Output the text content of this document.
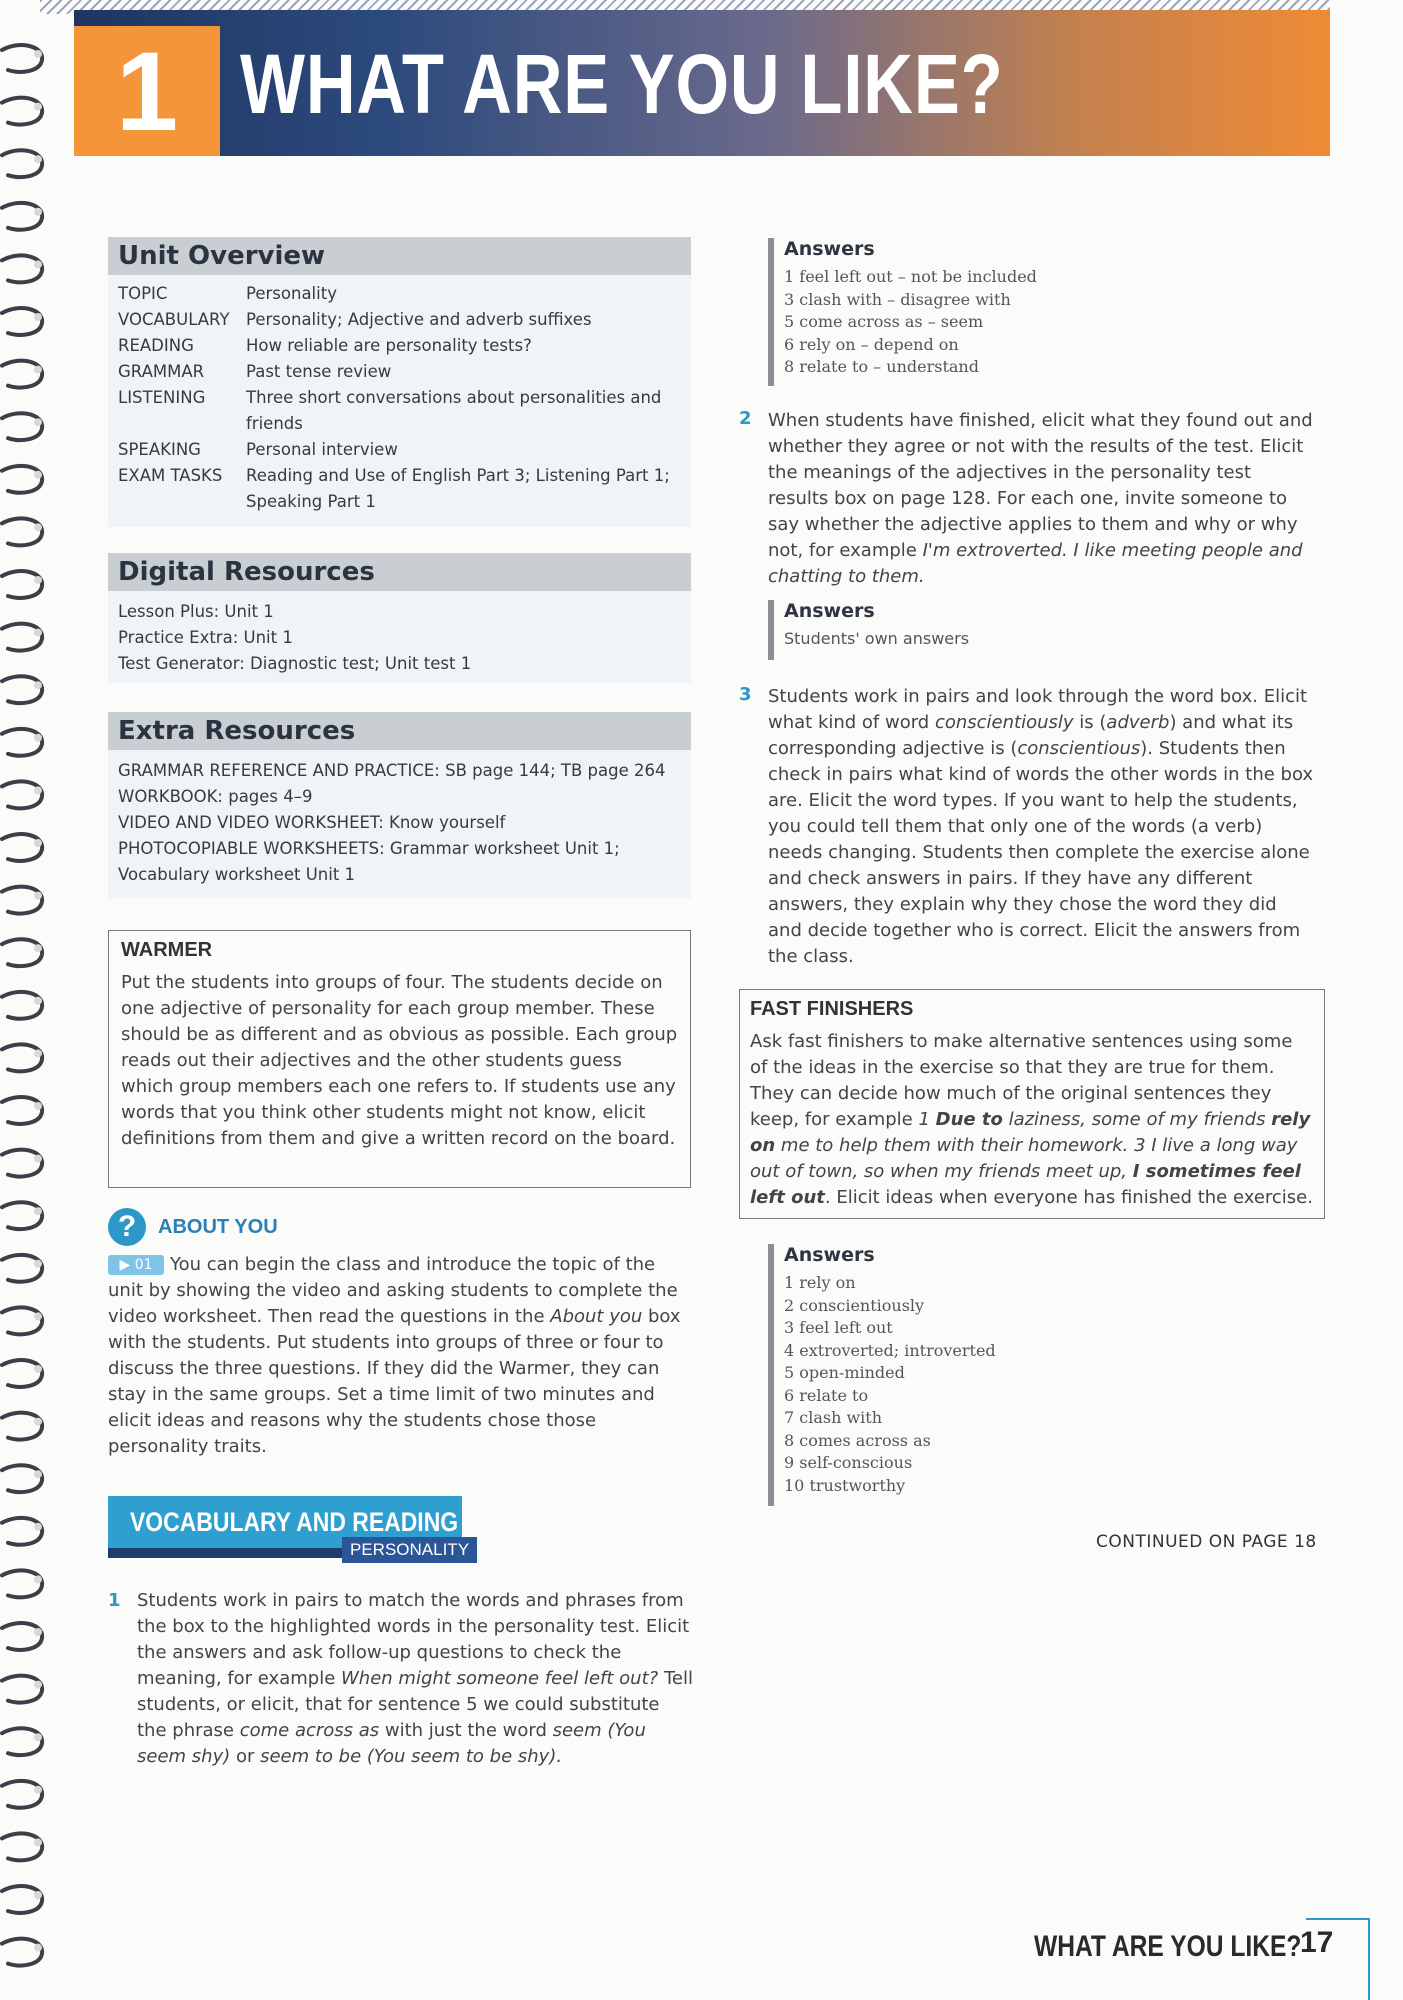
1 WHAT ARE YOU LIKE?
Unit Overview
TOPIC	Personality
VOCABULARY Personality; Adjective and adverb suffixes
READING	How reliable are personality tests?
GRAMMAR	Past tense review
LISTENING	Three short conversations about personalities and friends
SPEAKING	Personal interview
EXAM TASKS	Reading and Use of English Part 3; Listening Part 1; Speaking Part 1
Digital Resources
Lesson Plus: Unit 1
Practice Extra: Unit 1
Test Generator: Diagnostic test; Unit test 1
Extra Resources
GRAMMAR REFERENCE AND PRACTICE: SB page 144; TB page 264
WORKBOOK: pages 4–9
VIDEO AND VIDEO WORKSHEET: Know yourself
PHOTOCOPIABLE WORKSHEETS: Grammar worksheet Unit 1; Vocabulary worksheet Unit 1
WARMER
Put the students into groups of four. The students decide on one adjective of personality for each group member. These should be as different and as obvious as possible. Each group reads out their adjectives and the other students guess which group members each one refers to. If students use any words that you think other students might not know, elicit definitions from them and give a written record on the board.
?	ABOUT YOU
▶ 01 You can begin the class and introduce the topic of the unit by showing the video and asking students to complete the video worksheet. Then read the questions in the About you box with the students. Put students into groups of three or four to discuss the three questions. If they did the Warmer, they can stay in the same groups. Set a time limit of two minutes and elicit ideas and reasons why the students chose those personality traits.
VOCABULARY AND READING
PERSONALITY
1 Students work in pairs to match the words and phrases from the box to the highlighted words in the personality test. Elicit the answers and ask follow-up questions to check the meaning, for example When might someone feel left out? Tell students, or elicit, that for sentence 5 we could substitute the phrase come across as with just the word seem (You seem shy) or seem to be (You seem to be shy).
Answers
1 feel left out – not be included
3 clash with – disagree with
5 come across as – seem
6 rely on – depend on
8 relate to – understand
2 When students have finished, elicit what they found out and whether they agree or not with the results of the test. Elicit the meanings of the adjectives in the personality test results box on page 128. For each one, invite someone to say whether the adjective applies to them and why or why not, for example I'm extroverted. I like meeting people and chatting to them.
Answers
Students' own answers
3 Students work in pairs and look through the word box. Elicit what kind of word conscientiously is (adverb) and what its corresponding adjective is (conscientious). Students then check in pairs what kind of words the other words in the box are. Elicit the word types. If you want to help the students, you could tell them that only one of the words (a verb) needs changing. Students then complete the exercise alone and check answers in pairs. If they have any different answers, they explain why they chose the word they did and decide together who is correct. Elicit the answers from the class.
FAST FINISHERS
Ask fast finishers to make alternative sentences using some of the ideas in the exercise so that they are true for them. They can decide how much of the original sentences they keep, for example 1 Due to laziness, some of my friends rely on me to help them with their homework. 3 I live a long way out of town, so when my friends meet up, I sometimes feel left out. Elicit ideas when everyone has finished the exercise.
Answers
1 rely on
2 conscientiously
3 feel left out
4 extroverted; introverted
5 open-minded
6 relate to
7 clash with
8 comes across as
9 self-conscious
10 trustworthy
CONTINUED ON PAGE 18
WHAT ARE YOU LIKE?
17
